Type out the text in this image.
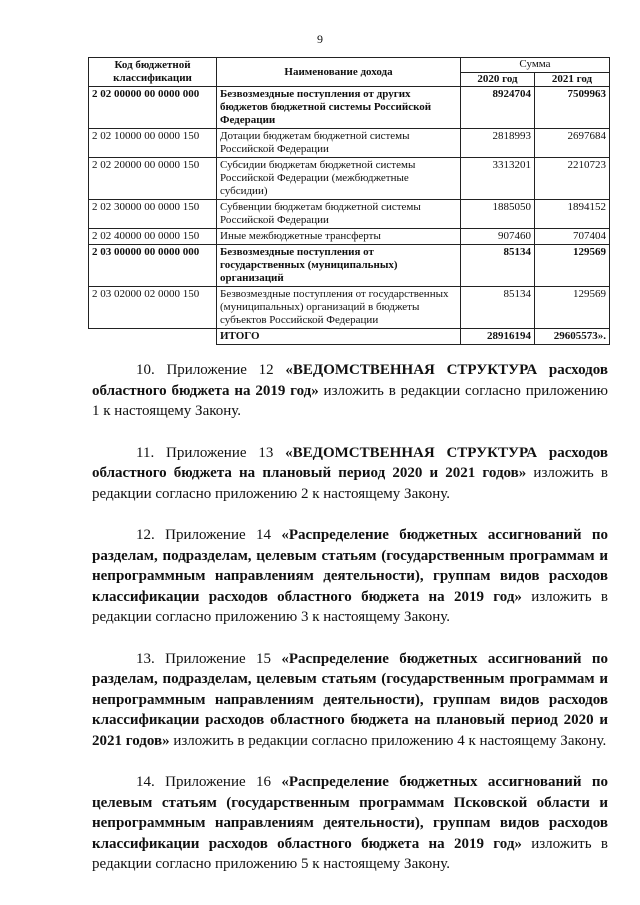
9
Код бюджетной классификации	Наименование дохода	Сумма	
		2020 год	2021 год
2 02 00000 00 0000 000	Безвозмездные поступления от других бюджетов бюджетной системы Российской Федерации	8924704	7509963
2 02 10000 00 0000 150	Дотации бюджетам бюджетной системы Российской Федерации	2818993	2697684
2 02 20000 00 0000 150	Субсидии бюджетам бюджетной системы Российской Федерации (межбюджетные субсидии)	3313201	2210723
2 02 30000 00 0000 150	Субвенции бюджетам бюджетной системы Российской Федерации	1885050	1894152
2 02 40000 00 0000 150	Иные межбюджетные трансферты	907460	707404
2 03 00000 00 0000 000	Безвозмездные поступления от государственных (муниципальных) организаций	85134	129569
2 03 02000 02 0000 150	Безвозмездные поступления от государственных (муниципальных) организаций в бюджеты субъектов Российской Федерации	85134	129569
	ИТОГО	28916194	29605573».

10. Приложение 12 «ВЕДОМСТВЕННАЯ СТРУКТУРА расходов областного бюджета на 2019 год» изложить в редакции согласно приложению 1 к настоящему Закону.

11. Приложение 13 «ВЕДОМСТВЕННАЯ СТРУКТУРА расходов областного бюджета на плановый период 2020 и 2021 годов» изложить в редакции согласно приложению 2 к настоящему Закону.

12. Приложение 14 «Распределение бюджетных ассигнований по разделам, подразделам, целевым статьям (государственным программам и непрограммным направлениям деятельности), группам видов расходов классификации расходов областного бюджета на 2019 год» изложить в редакции согласно приложению 3 к настоящему Закону.

13. Приложение 15 «Распределение бюджетных ассигнований по разделам, подразделам, целевым статьям (государственным программам и непрограммным направлениям деятельности), группам видов расходов классификации расходов областного бюджета на плановый период 2020 и 2021 годов» изложить в редакции согласно приложению 4 к настоящему Закону.

14. Приложение 16 «Распределение бюджетных ассигнований по целевым статьям (государственным программам Псковской области и непрограммным направлениям деятельности), группам видов расходов классификации расходов областного бюджета на 2019 год» изложить в редакции согласно приложению 5 к настоящему Закону.
